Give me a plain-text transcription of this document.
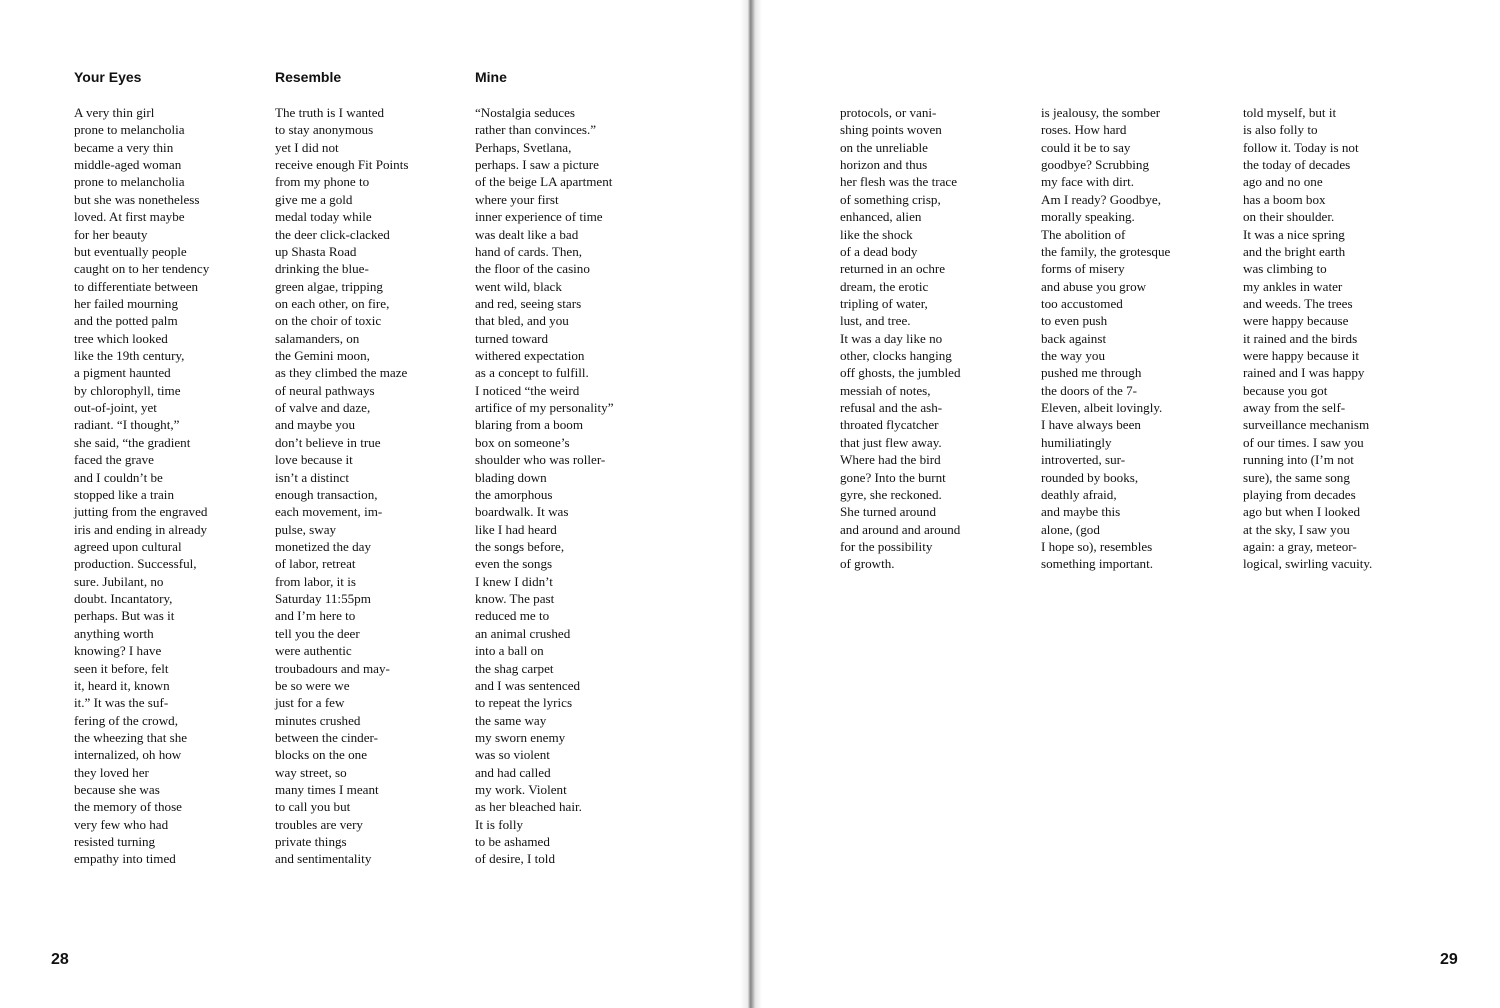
Your Eyes
A very thin girl
prone to melancholia
became a very thin
middle-aged woman
prone to melancholia
but she was nonetheless
loved. At first maybe
for her beauty
but eventually people
caught on to her tendency
to differentiate between
her failed mourning
and the potted palm
tree which looked
like the 19th century,
a pigment haunted
by chlorophyll, time
out-of-joint, yet
radiant. “I thought,”
she said, “the gradient
faced the grave
and I couldn’t be
stopped like a train
jutting from the engraved
iris and ending in already
agreed upon cultural
production. Successful,
sure. Jubilant, no
doubt. Incantatory,
perhaps. But was it
anything worth
knowing? I have
seen it before, felt
it, heard it, known
it.” It was the suf-
fering of the crowd,
the wheezing that she
internalized, oh how
they loved her
because she was
the memory of those
very few who had
resisted turning
empathy into timed
Resemble
The truth is I wanted
to stay anonymous
yet I did not
receive enough Fit Points
from my phone to
give me a gold
medal today while
the deer click-clacked
up Shasta Road
drinking the blue-
green algae, tripping
on each other, on fire,
on the choir of toxic
salamanders, on
the Gemini moon,
as they climbed the maze
of neural pathways
of valve and daze,
and maybe you
don’t believe in true
love because it
isn’t a distinct
enough transaction,
each movement, im-
pulse, sway
monetized the day
of labor, retreat
from labor, it is
Saturday 11:55pm
and I’m here to
tell you the deer
were authentic
troubadours and may-
be so were we
just for a few
minutes crushed
between the cinder-
blocks on the one
way street, so
many times I meant
to call you but
troubles are very
private things
and sentimentality
Mine
“Nostalgia seduces
rather than convinces.”
Perhaps, Svetlana,
perhaps. I saw a picture
of the beige LA apartment
where your first
inner experience of time
was dealt like a bad
hand of cards. Then,
the floor of the casino
went wild, black
and red, seeing stars
that bled, and you
turned toward
withered expectation
as a concept to fulfill.
I noticed “the weird
artifice of my personality”
blaring from a boom
box on someone’s
shoulder who was roller-
blading down
the amorphous
boardwalk. It was
like I had heard
the songs before,
even the songs
I knew I didn’t
know. The past
reduced me to
an animal crushed
into a ball on
the shag carpet
and I was sentenced
to repeat the lyrics
the same way
my sworn enemy
was so violent
and had called
my work. Violent
as her bleached hair.
It is folly
to be ashamed
of desire, I told
28
protocols, or vani-
shing points woven
on the unreliable
horizon and thus
her flesh was the trace
of something crisp,
enhanced, alien
like the shock
of a dead body
returned in an ochre
dream, the erotic
tripling of water,
lust, and tree.
It was a day like no
other, clocks hanging
off ghosts, the jumbled
messiah of notes,
refusal and the ash-
throated flycatcher
that just flew away.
Where had the bird
gone? Into the burnt
gyre, she reckoned.
She turned around
and around and around
for the possibility
of growth.
is jealousy, the somber
roses. How hard
could it be to say
goodbye? Scrubbing
my face with dirt.
Am I ready? Goodbye,
morally speaking.
The abolition of
the family, the grotesque
forms of misery
and abuse you grow
too accustomed
to even push
back against
the way you
pushed me through
the doors of the 7-
Eleven, albeit lovingly.
I have always been
humiliatingly
introverted, sur-
rounded by books,
deathly afraid,
and maybe this
alone, (god
I hope so), resembles
something important.
told myself, but it
is also folly to
follow it. Today is not
the today of decades
ago and no one
has a boom box
on their shoulder.
It was a nice spring
and the bright earth
was climbing to
my ankles in water
and weeds. The trees
were happy because
it rained and the birds
were happy because it
rained and I was happy
because you got
away from the self-
surveillance mechanism
of our times. I saw you
running into (I’m not
sure), the same song
playing from decades
ago but when I looked
at the sky, I saw you
again: a gray, meteor-
logical, swirling vacuity.
29
